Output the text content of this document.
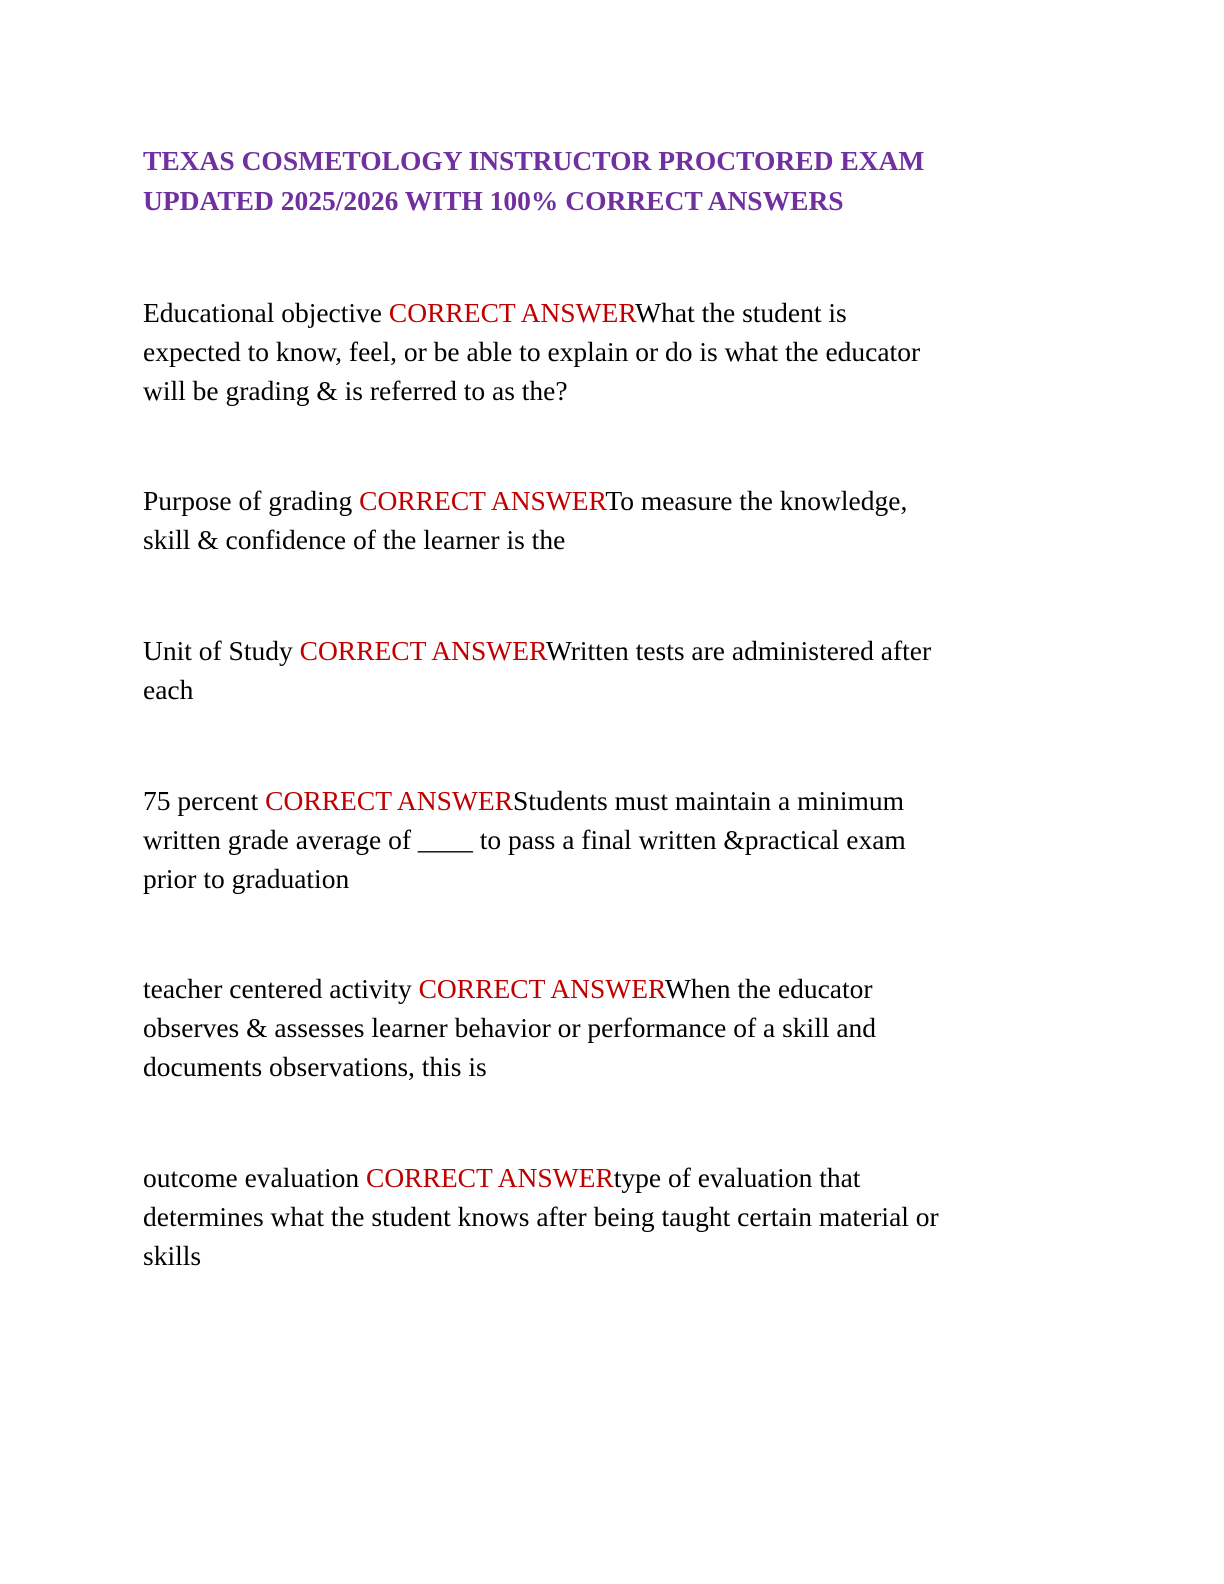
TEXAS COSMETOLOGY INSTRUCTOR PROCTORED EXAM
UPDATED 2025/2026 WITH 100% CORRECT ANSWERS

Educational objective CORRECT ANSWERWhat the student is
expected to know, feel, or be able to explain or do is what the educator
will be grading & is referred to as the?

Purpose of grading CORRECT ANSWERTo measure the knowledge,
skill & confidence of the learner is the

Unit of Study CORRECT ANSWERWritten tests are administered after
each

75 percent CORRECT ANSWERStudents must maintain a minimum
written grade average of ____ to pass a final written &practical exam
prior to graduation

teacher centered activity CORRECT ANSWERWhen the educator
observes & assesses learner behavior or performance of a skill and
documents observations, this is

outcome evaluation CORRECT ANSWERtype of evaluation that
determines what the student knows after being taught certain material or
skills
